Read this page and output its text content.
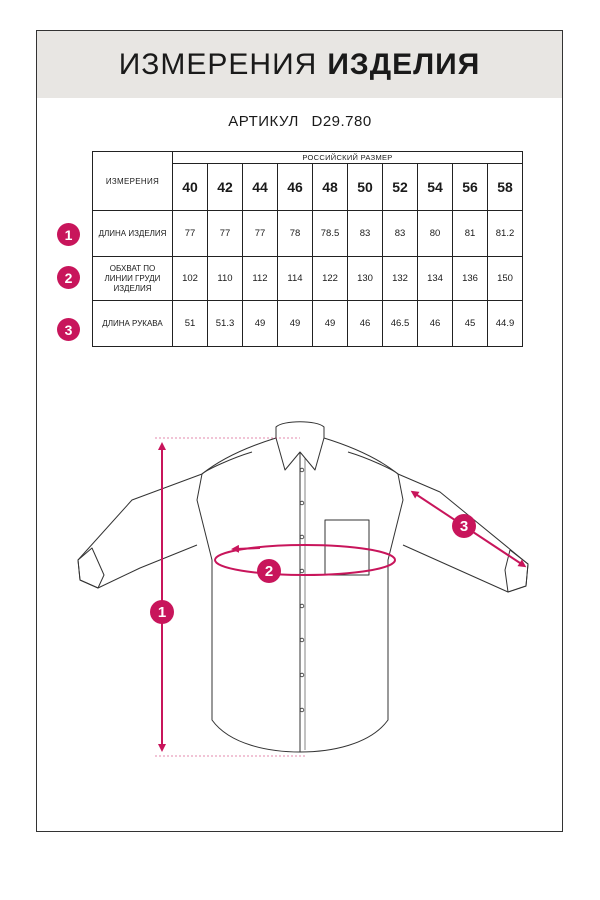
ИЗМЕРЕНИЯ ИЗДЕЛИЯ
АРТИКУЛ D29.780
1
2
3
ИЗМЕРЕНИЯ	РОССИЙСКИЙ РАЗМЕР									
	40	42	44	46	48	50	52	54	56	58
ДЛИНА ИЗДЕЛИЯ	77	77	77	78	78.5	83	83	80	81	81.2
ОБХВАТ ПО ЛИНИИ ГРУДИ ИЗДЕЛИЯ	102	110	112	114	122	130	132	134	136	150
ДЛИНА РУКАВА	51	51.3	49	49	49	46	46.5	46	45	44.9
1
2
3
